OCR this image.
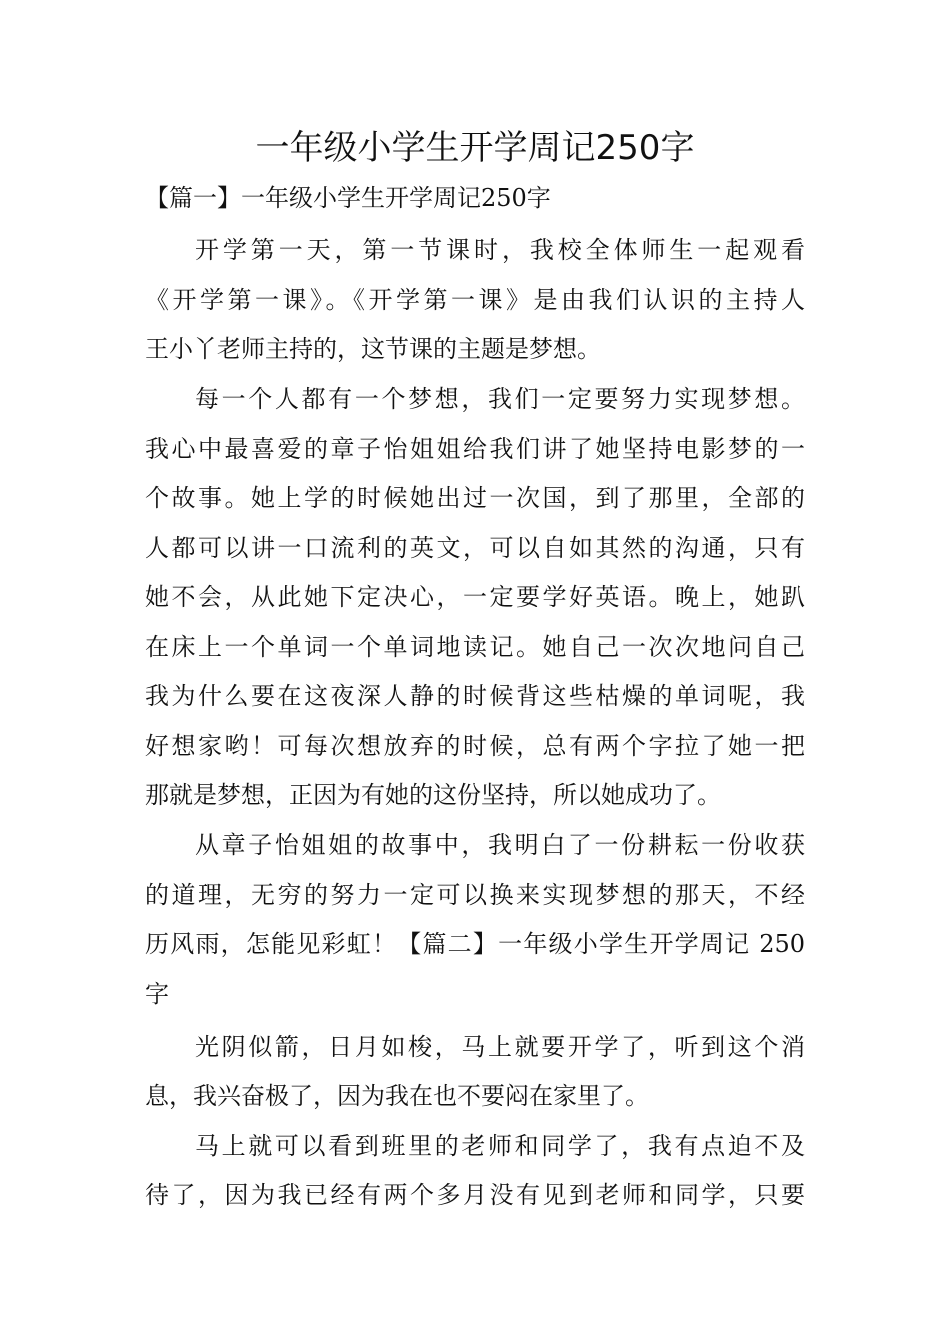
一年级小学生开学周记250字
【篇一】一年级小学生开学周记250字
开学第一天，第一节课时，我校全体师生一起观看
《开学第一课》。《开学第一课》是由我们认识的主持人
王小丫老师主持的，这节课的主题是梦想。
每一个人都有一个梦想，我们一定要努力实现梦想。
我心中最喜爱的章子怡姐姐给我们讲了她坚持电影梦的一
个故事。她上学的时候她出过一次国，到了那里，全部的
人都可以讲一口流利的英文，可以自如其然的沟通，只有
她不会，从此她下定决心，一定要学好英语。晚上，她趴
在床上一个单词一个单词地读记。她自己一次次地问自己
我为什么要在这夜深人静的时候背这些枯燥的单词呢，我
好想家哟！可每次想放弃的时候，总有两个字拉了她一把
那就是梦想，正因为有她的这份坚持，所以她成功了。
从章子怡姐姐的故事中，我明白了一份耕耘一份收获
的道理，无穷的努力一定可以换来实现梦想的那天，不经
历风雨，怎能见彩虹！【篇二】一年级小学生开学周记 250
字
光阴似箭，日月如梭，马上就要开学了，听到这个消
息，我兴奋极了，因为我在也不要闷在家里了。
马上就可以看到班里的老师和同学了，我有点迫不及
待了，因为我已经有两个多月没有见到老师和同学，只要
